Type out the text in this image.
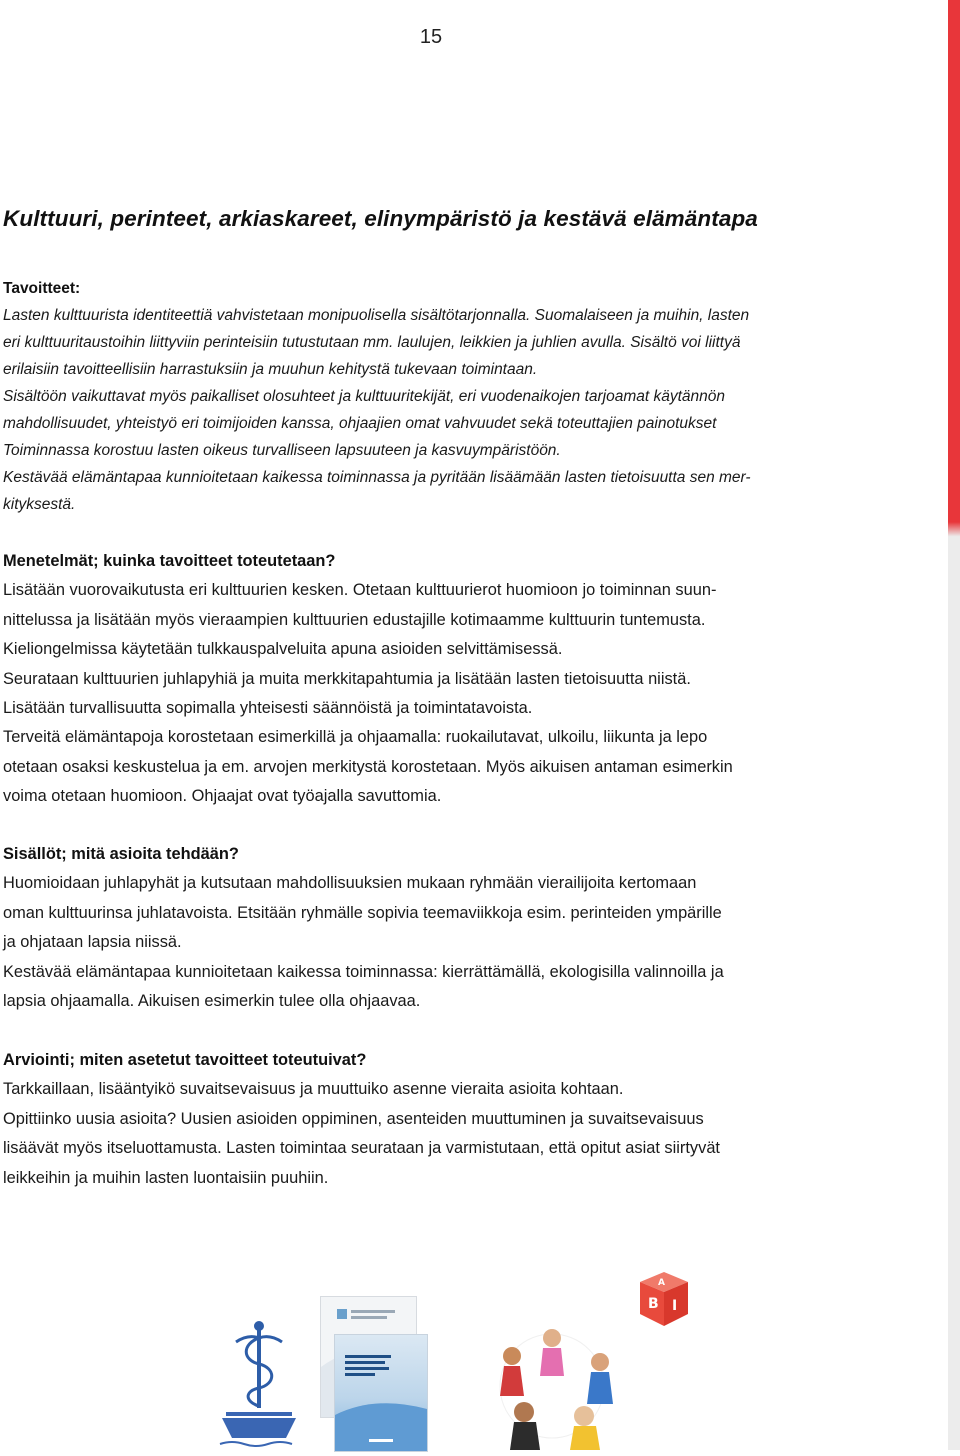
15
Kulttuuri, perinteet, arkiaskareet, elinympäristö ja kestävä elämäntapa

Tavoitteet:

Lasten kulttuurista identiteettiä vahvistetaan monipuolisella sisältötarjonnalla. Suomalaiseen ja muihin, lasten

eri kulttuuritaustoihin liittyviin perinteisiin tutustutaan mm. laulujen, leikkien ja juhlien avulla. Sisältö voi liittyä

erilaisiin tavoitteellisiin harrastuksiin ja muuhun kehitystä tukevaan toimintaan.

Sisältöön vaikuttavat myös paikalliset olosuhteet ja kulttuuritekijät, eri vuodenaikojen tarjoamat käytännön

mahdollisuudet, yhteistyö eri toimijoiden kanssa, ohjaajien omat vahvuudet sekä toteuttajien painotukset

Toiminnassa korostuu lasten oikeus turvalliseen lapsuuteen ja kasvuympäristöön.

Kestävää elämäntapaa kunnioitetaan kaikessa toiminnassa ja pyritään lisäämään lasten tietoisuutta sen mer-

kityksestä.

Menetelmät; kuinka tavoitteet toteutetaan?

Lisätään vuorovaikutusta eri kulttuurien kesken. Otetaan kulttuurierot huomioon jo toiminnan suun-

nittelussa ja lisätään myös vieraampien kulttuurien edustajille kotimaamme kulttuurin tuntemusta.

Kieliongelmissa käytetään tulkkauspalveluita apuna asioiden selvittämisessä.

Seurataan kulttuurien juhlapyhiä ja muita merkkitapahtumia ja lisätään lasten tietoisuutta niistä.

Lisätään turvallisuutta sopimalla yhteisesti säännöistä ja toimintatavoista.

Terveitä elämäntapoja korostetaan esimerkillä ja ohjaamalla: ruokailutavat, ulkoilu, liikunta ja lepo

otetaan osaksi keskustelua ja em. arvojen merkitystä korostetaan. Myös aikuisen antaman esimerkin

voima otetaan huomioon. Ohjaajat ovat työajalla savuttomia.

Sisällöt; mitä asioita tehdään?

Huomioidaan juhlapyhät ja kutsutaan mahdollisuuksien mukaan ryhmään vierailijoita kertomaan

oman kulttuurinsa juhlatavoista. Etsitään ryhmälle sopivia teemaviikkoja esim. perinteiden ympärille

ja ohjataan lapsia niissä.

Kestävää elämäntapaa kunnioitetaan kaikessa toiminnassa: kierrättämällä, ekologisilla valinnoilla ja

lapsia ohjaamalla. Aikuisen esimerkin tulee olla ohjaavaa.

Arviointi; miten asetetut tavoitteet toteutuivat?

Tarkkaillaan, lisääntyikö suvaitsevaisuus ja muuttuiko asenne vieraita asioita kohtaan.

Opittiinko uusia asioita? Uusien asioiden oppiminen, asenteiden muuttuminen ja suvaitsevaisuus

lisäävät myös itseluottamusta. Lasten toimintaa seurataan ja varmistutaan, että opitut asiat siirtyvät

leikkeihin ja muihin lasten luontaisiin puuhiin.

B I
A
